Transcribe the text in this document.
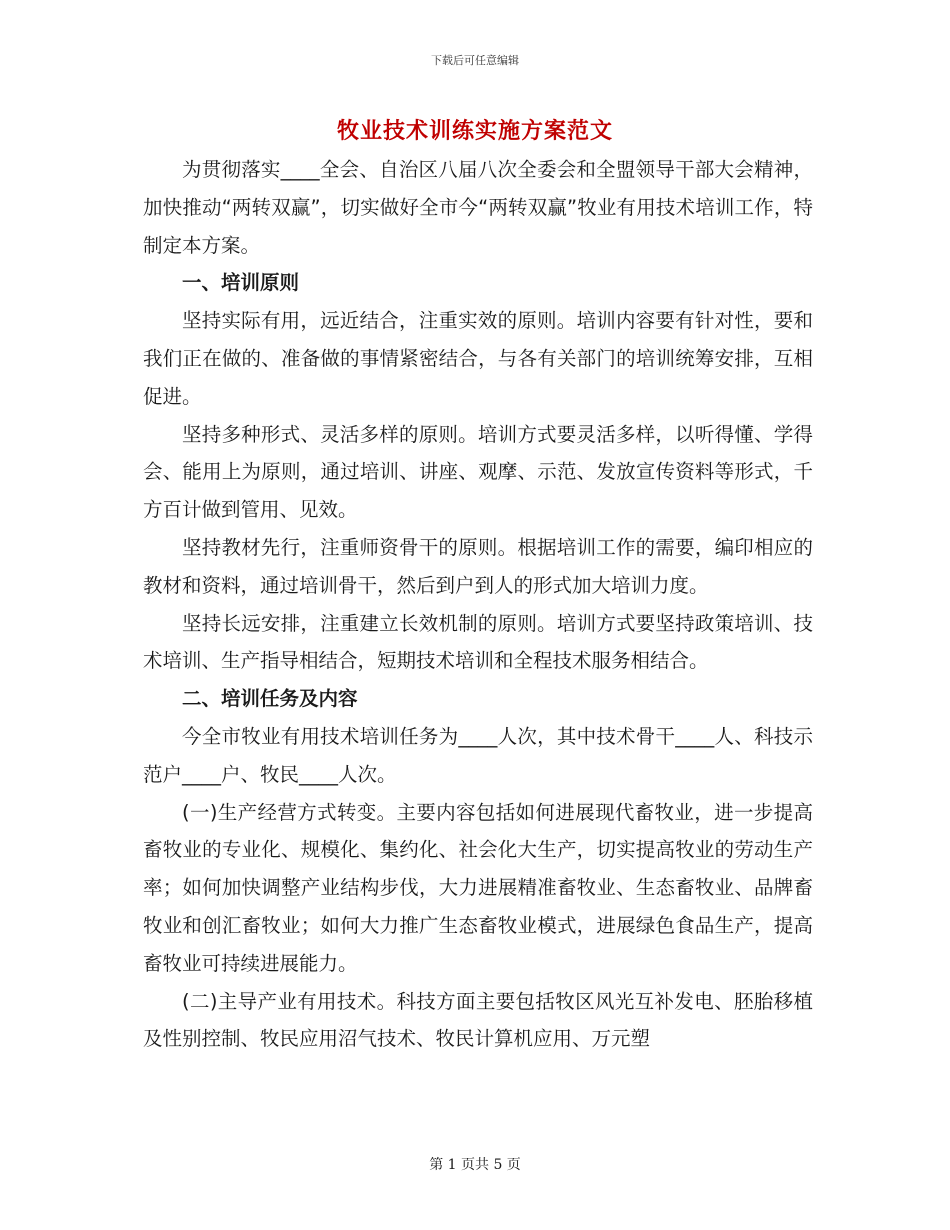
下载后可任意编辑
牧业技术训练实施方案范文

为贯彻落实____全会、自治区八届八次全委会和全盟领导干部大会精神，加快推动“两转双赢”，切实做好全市今“两转双赢”牧业有用技术培训工作，特制定本方案。

一、培训原则

坚持实际有用，远近结合，注重实效的原则。培训内容要有针对性，要和我们正在做的、准备做的事情紧密结合，与各有关部门的培训统筹安排，互相促进。

坚持多种形式、灵活多样的原则。培训方式要灵活多样，以听得懂、学得会、能用上为原则，通过培训、讲座、观摩、示范、发放宣传资料等形式，千方百计做到管用、见效。

坚持教材先行，注重师资骨干的原则。根据培训工作的需要，编印相应的教材和资料，通过培训骨干，然后到户到人的形式加大培训力度。

坚持长远安排，注重建立长效机制的原则。培训方式要坚持政策培训、技术培训、生产指导相结合，短期技术培训和全程技术服务相结合。

二、培训任务及内容

今全市牧业有用技术培训任务为____人次，其中技术骨干____人、科技示范户____户、牧民____人次。

(一)生产经营方式转变。主要内容包括如何进展现代畜牧业，进一步提高畜牧业的专业化、规模化、集约化、社会化大生产，切实提高牧业的劳动生产率；如何加快调整产业结构步伐，大力进展精准畜牧业、生态畜牧业、品牌畜牧业和创汇畜牧业；如何大力推广生态畜牧业模式，进展绿色食品生产，提高畜牧业可持续进展能力。

(二)主导产业有用技术。科技方面主要包括牧区风光互补发电、胚胎移植及性别控制、牧民应用沼气技术、牧民计算机应用、万元塑

第 1 页共 5 页
